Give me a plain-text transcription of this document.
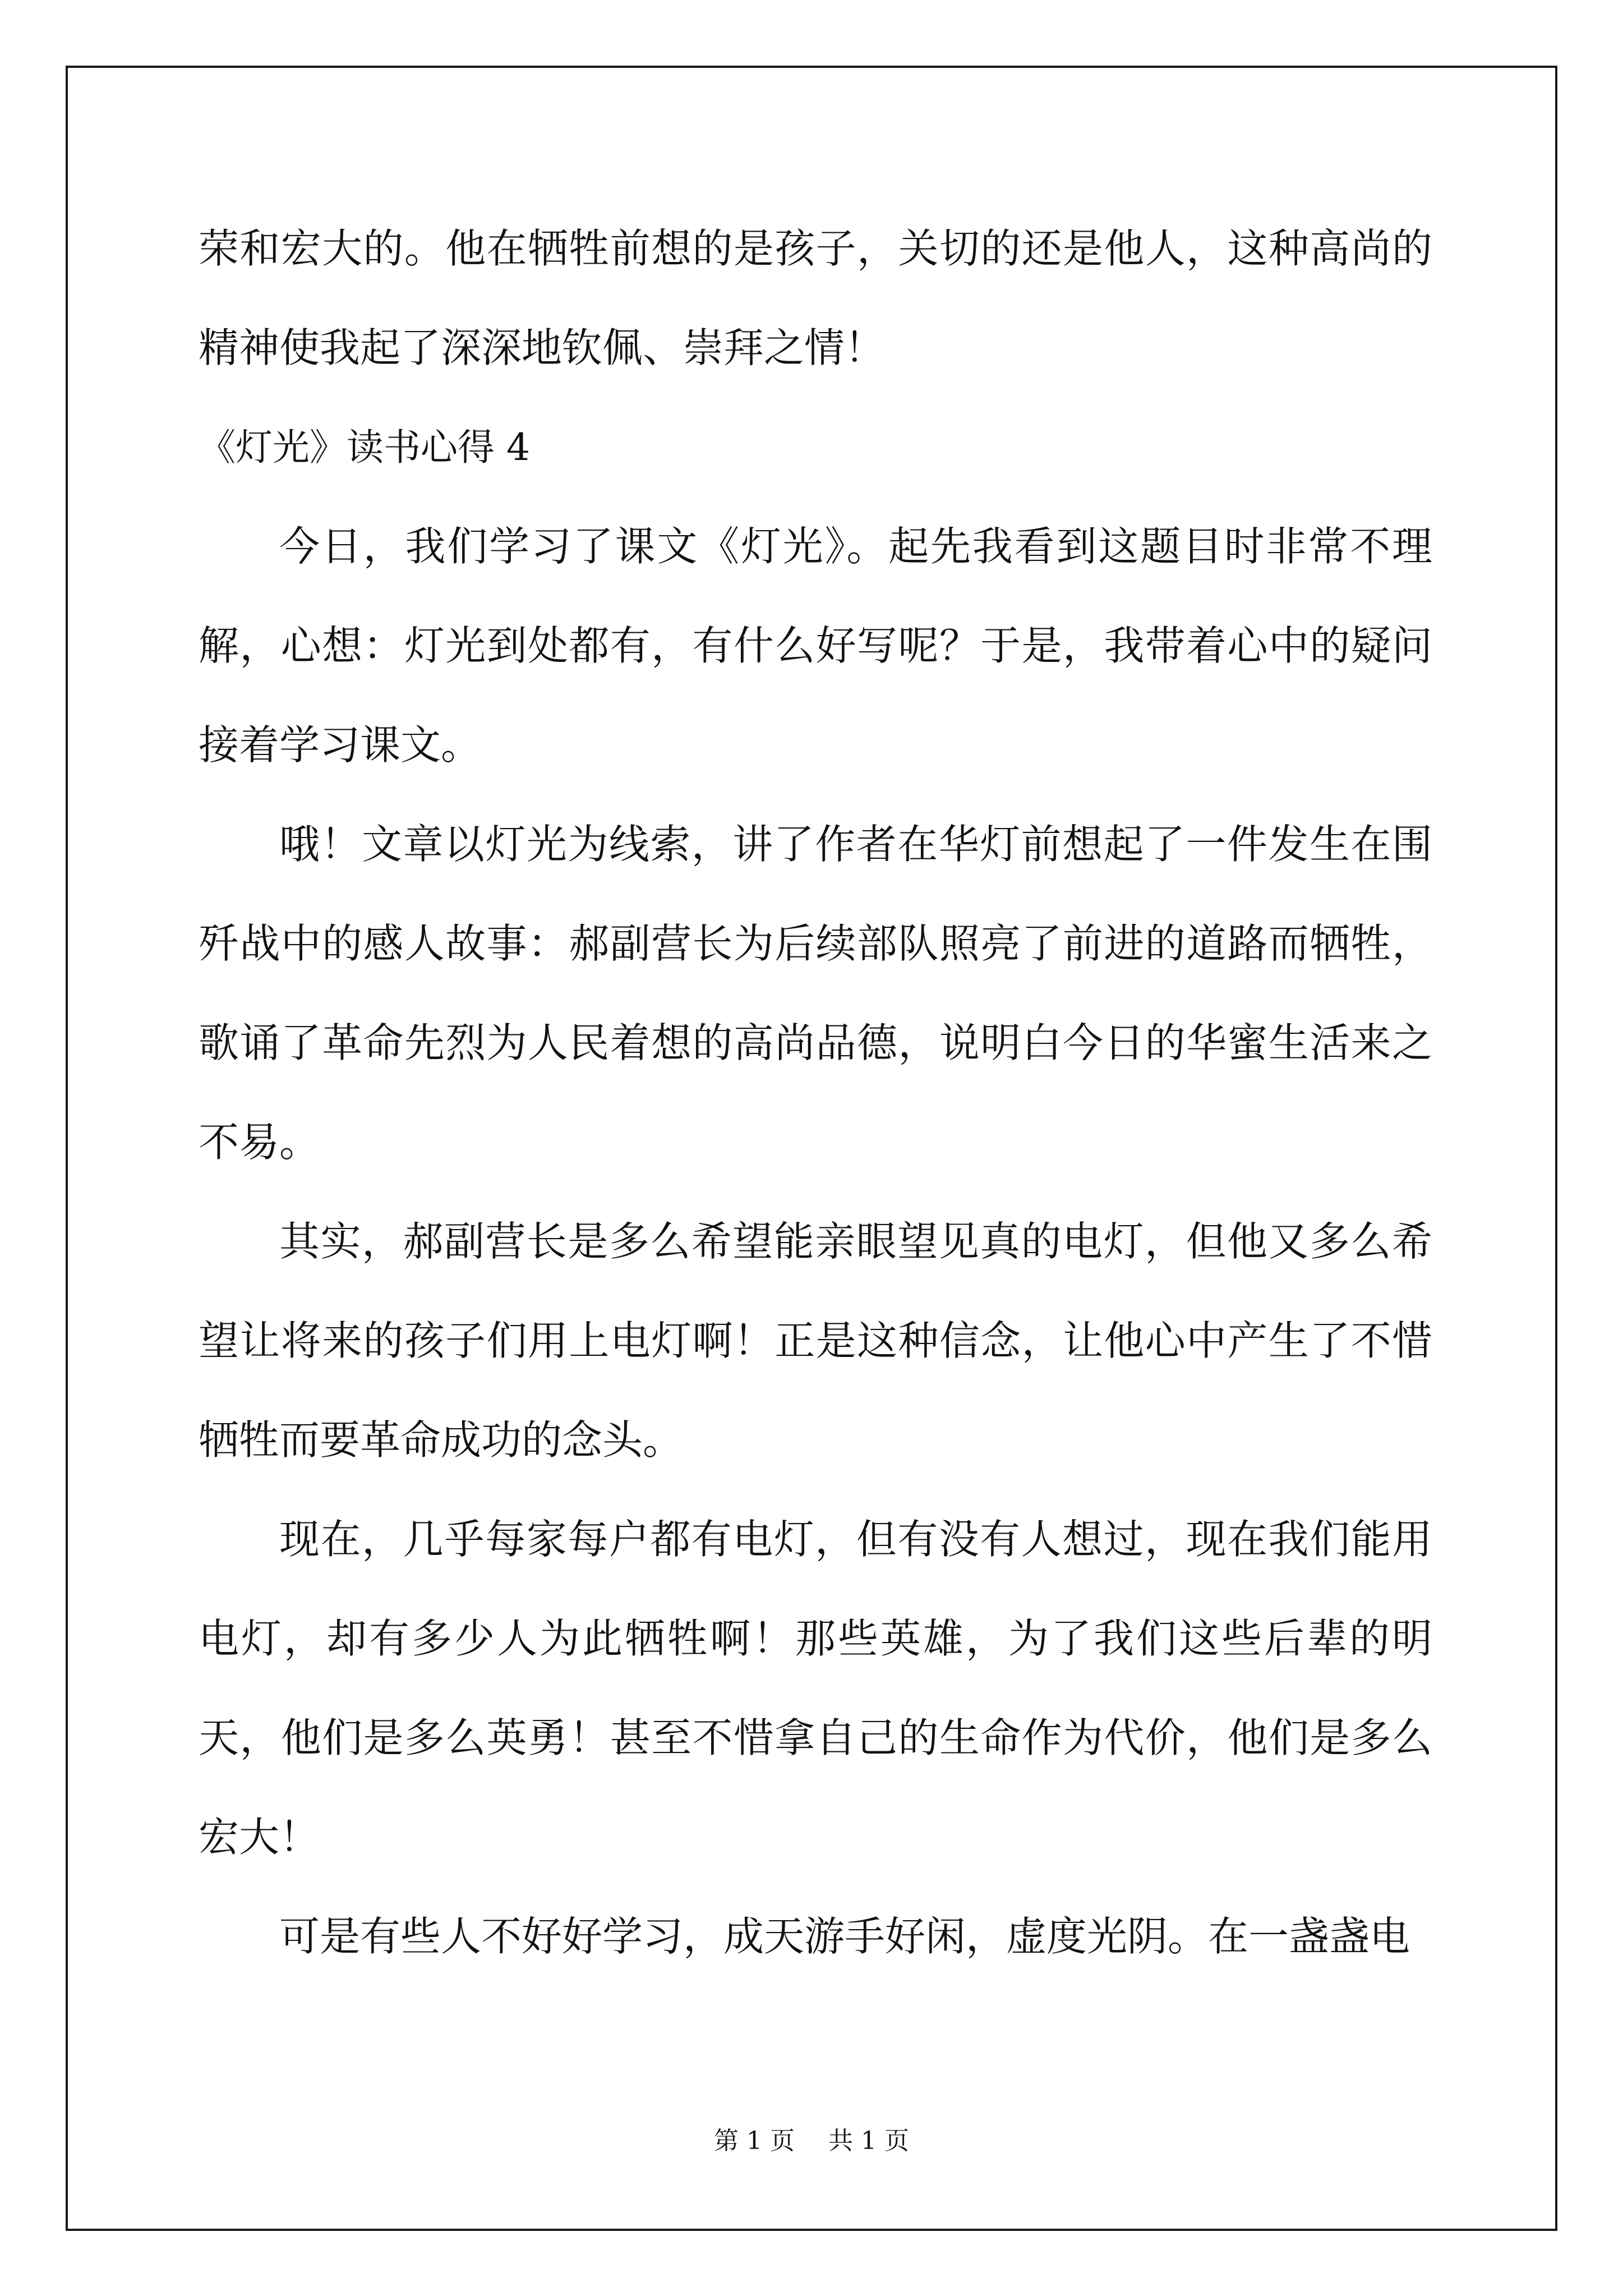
荣和宏大的。他在牺牲前想的是孩子，关切的还是他人，这种高尚的精神使我起了深深地钦佩、崇拜之情！

《灯光》读书心得 4

今日，我们学习了课文《灯光》。起先我看到这题目时非常不理解，心想：灯光到处都有，有什么好写呢？于是，我带着心中的疑问接着学习课文。

哦！文章以灯光为线索，讲了作者在华灯前想起了一件发生在围歼战中的感人故事：郝副营长为后续部队照亮了前进的道路而牺牲，歌诵了革命先烈为人民着想的高尚品德，说明白今日的华蜜生活来之不易。

其实，郝副营长是多么希望能亲眼望见真的电灯，但他又多么希望让将来的孩子们用上电灯啊！正是这种信念，让他心中产生了不惜牺牲而要革命成功的念头。

现在，几乎每家每户都有电灯，但有没有人想过，现在我们能用电灯，却有多少人为此牺牲啊！那些英雄，为了我们这些后辈的明天，他们是多么英勇！甚至不惜拿自己的生命作为代价，他们是多么宏大！

可是有些人不好好学习，成天游手好闲，虚度光阴。在一盏盏电

第 1 页 共 1 页
